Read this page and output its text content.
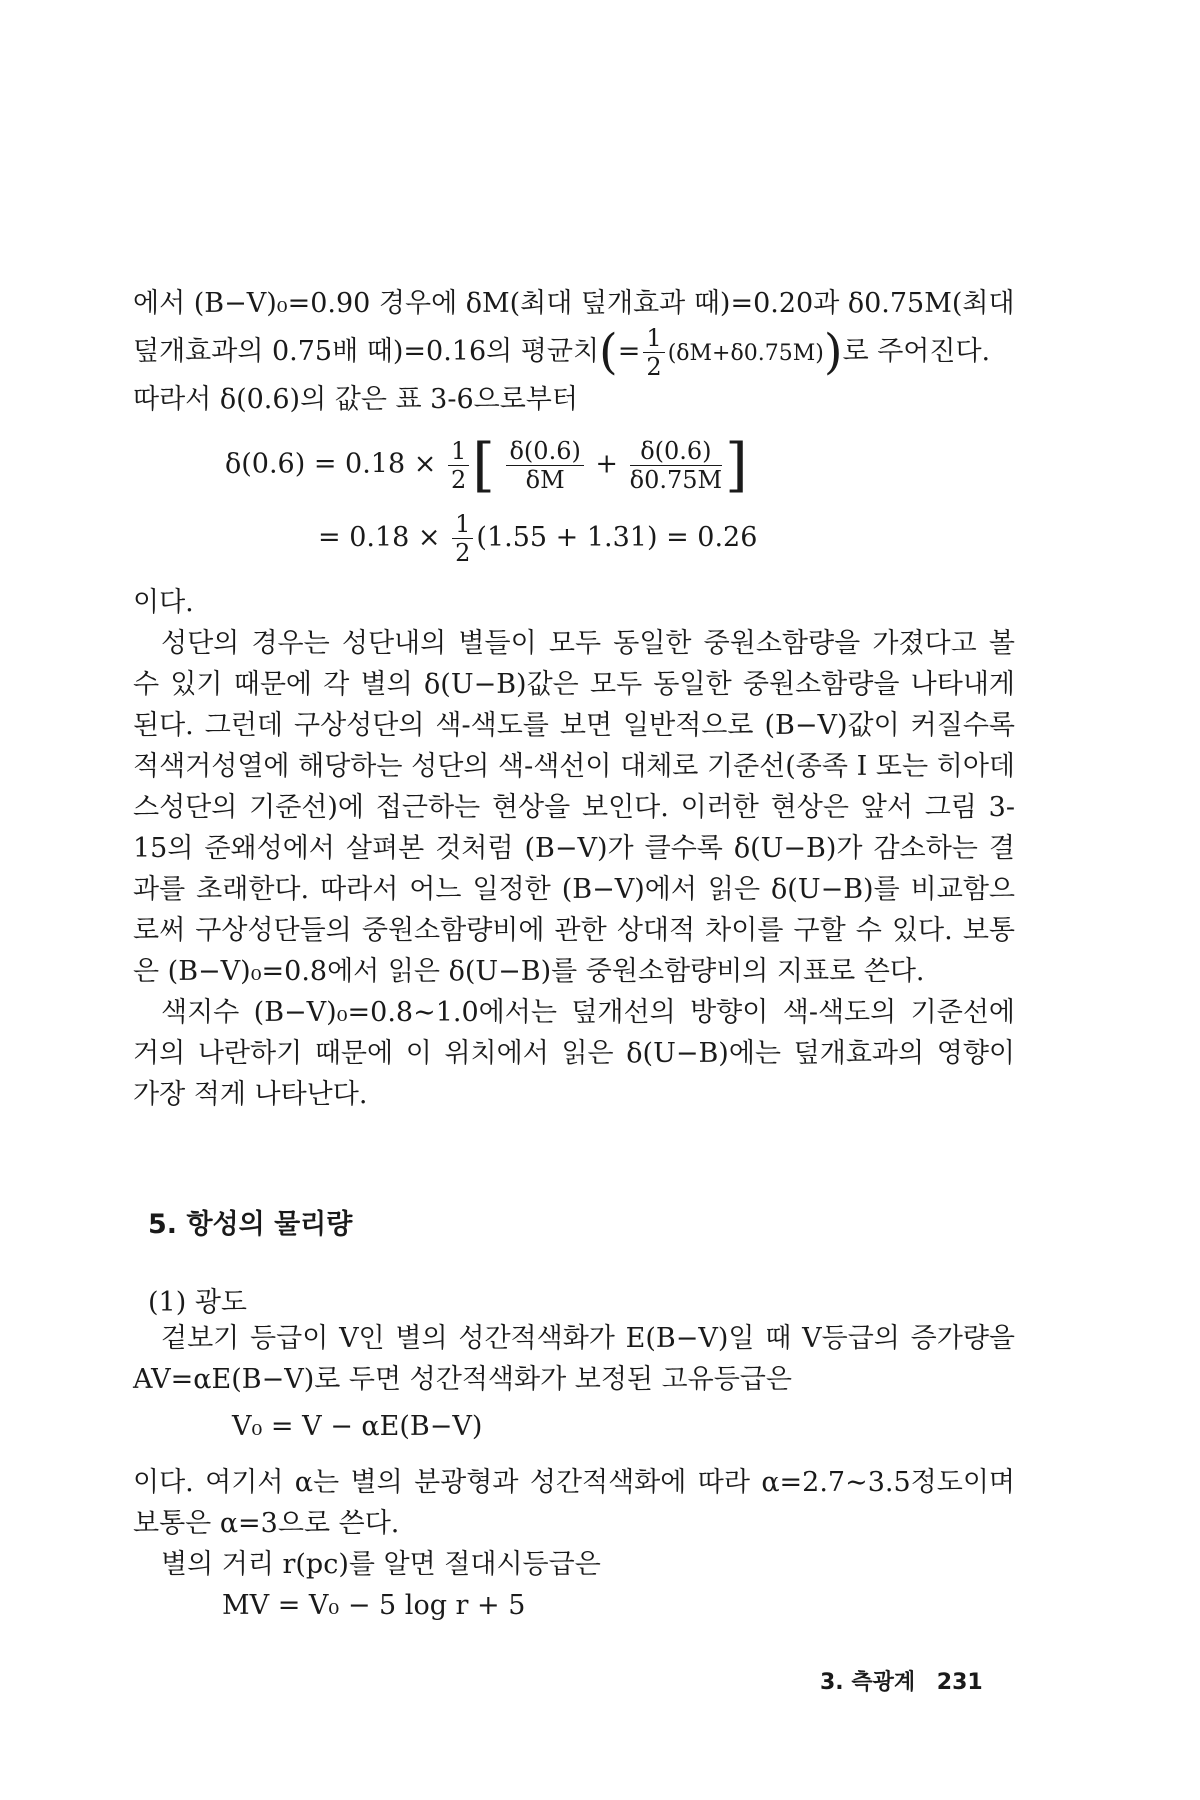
에서 (B−V)₀=0.90 경우에 δM(최대 덮개효과 때)=0.20과 δ0.75M(최대

덮개효과의 0.75배 때)=0.16의 평균치(= $\frac{1}{2} (\delta M+\delta 0.75M)$)로 주어진다.

따라서 δ(0.6)의 값은 표 3-6으로부터

$\delta(0.6) = 0.18 \times \frac{1}{2}$ [ $\frac{\delta(0.6)}{\delta M} + \frac{\delta(0.6)}{\delta 0.75M}$ ]
= $0.18 \times \frac{1}{2} (1.55 + 1.31) = 0.26$

이다.

성단의 경우는 성단내의 별들이 모두 동일한 중원소함량을 가졌다고 볼 수 있기 때문에 각 별의 δ(U−B)값은 모두 동일한 중원소함량을 나타내게 된다. 그런데 구상성단의 색-색도를 보면 일반적으로 (B−V)값이 커질수록 적색거성열에 해당하는 성단의 색-색선이 대체로 기준선(종족 I 또는 히아데스성단의 기준선)에 접근하는 현상을 보인다. 이러한 현상은 앞서 그림 3-15의 준왜성에서 살펴본 것처럼 (B−V)가 클수록 δ(U−B)가 감소하는 결과를 초래한다. 따라서 어느 일정한 (B−V)에서 읽은 δ(U−B)를 비교함으로써 구상성단들의 중원소함량비에 관한 상대적 차이를 구할 수 있다. 보통은 (B−V)₀=0.8에서 읽은 δ(U−B)를 중원소함량비의 지표로 쓴다.

색지수 (B−V)₀=0.8∼1.0에서는 덮개선의 방향이 색-색도의 기준선에 거의 나란하기 때문에 이 위치에서 읽은 δ(U−B)에는 덮개효과의 영향이 가장 적게 나타난다.

5. 항성의 물리량
(1) 광도

겉보기 등급이 V인 별의 성간적색화가 E(B−V)일 때 V등급의 증가량을 AV=αE(B−V)로 두면 성간적색화가 보정된 고유등급은

V₀ = V − αE(B−V)

이다. 여기서 α는 별의 분광형과 성간적색화에 따라 α=2.7∼3.5정도이며 보통은 α=3으로 쓴다.

별의 거리 r(pc)를 알면 절대시등급은

MV = V₀ − 5 log r + 5
3. 측광계 231
